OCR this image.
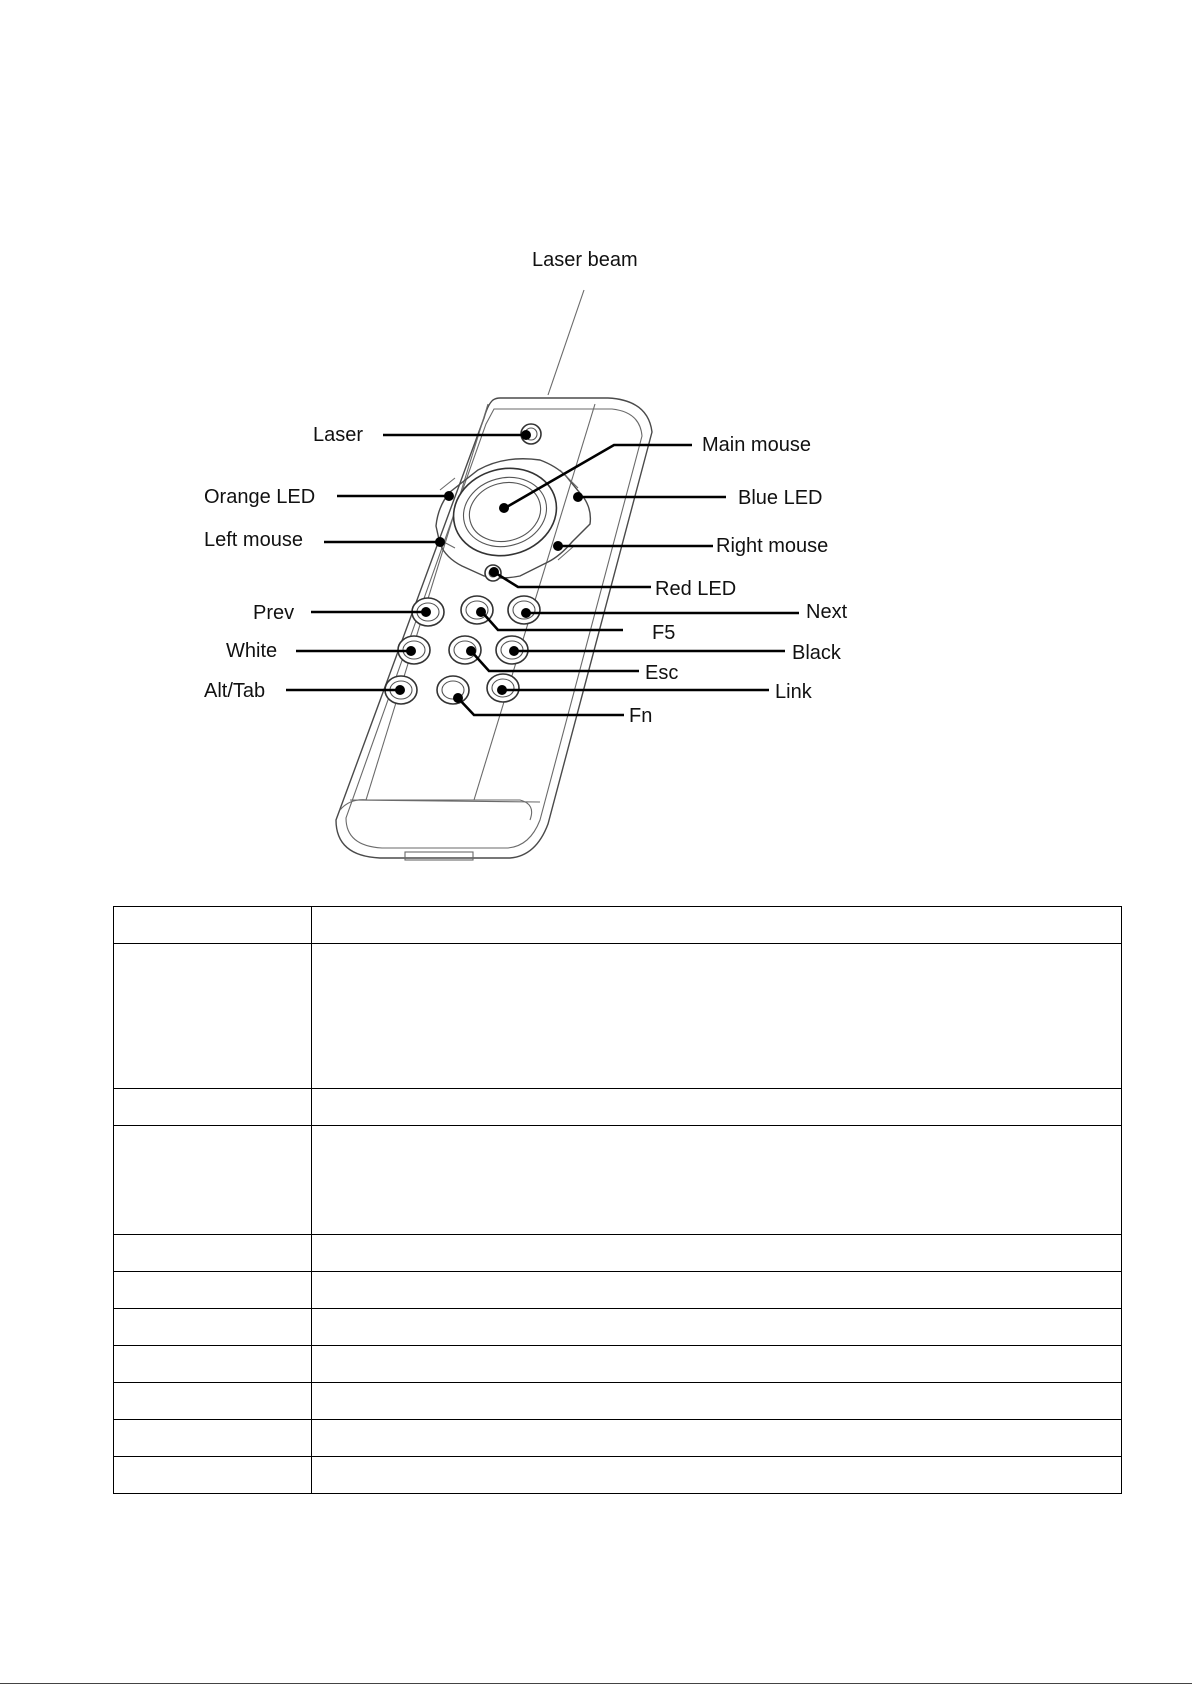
Laser beam
Laser	Main mouse
Orange LED	Blue LED
Left mouse	Right mouse
Red LED
Prev	Next
F5
White	Black
Esc
Alt/Tab	Link
Fn
